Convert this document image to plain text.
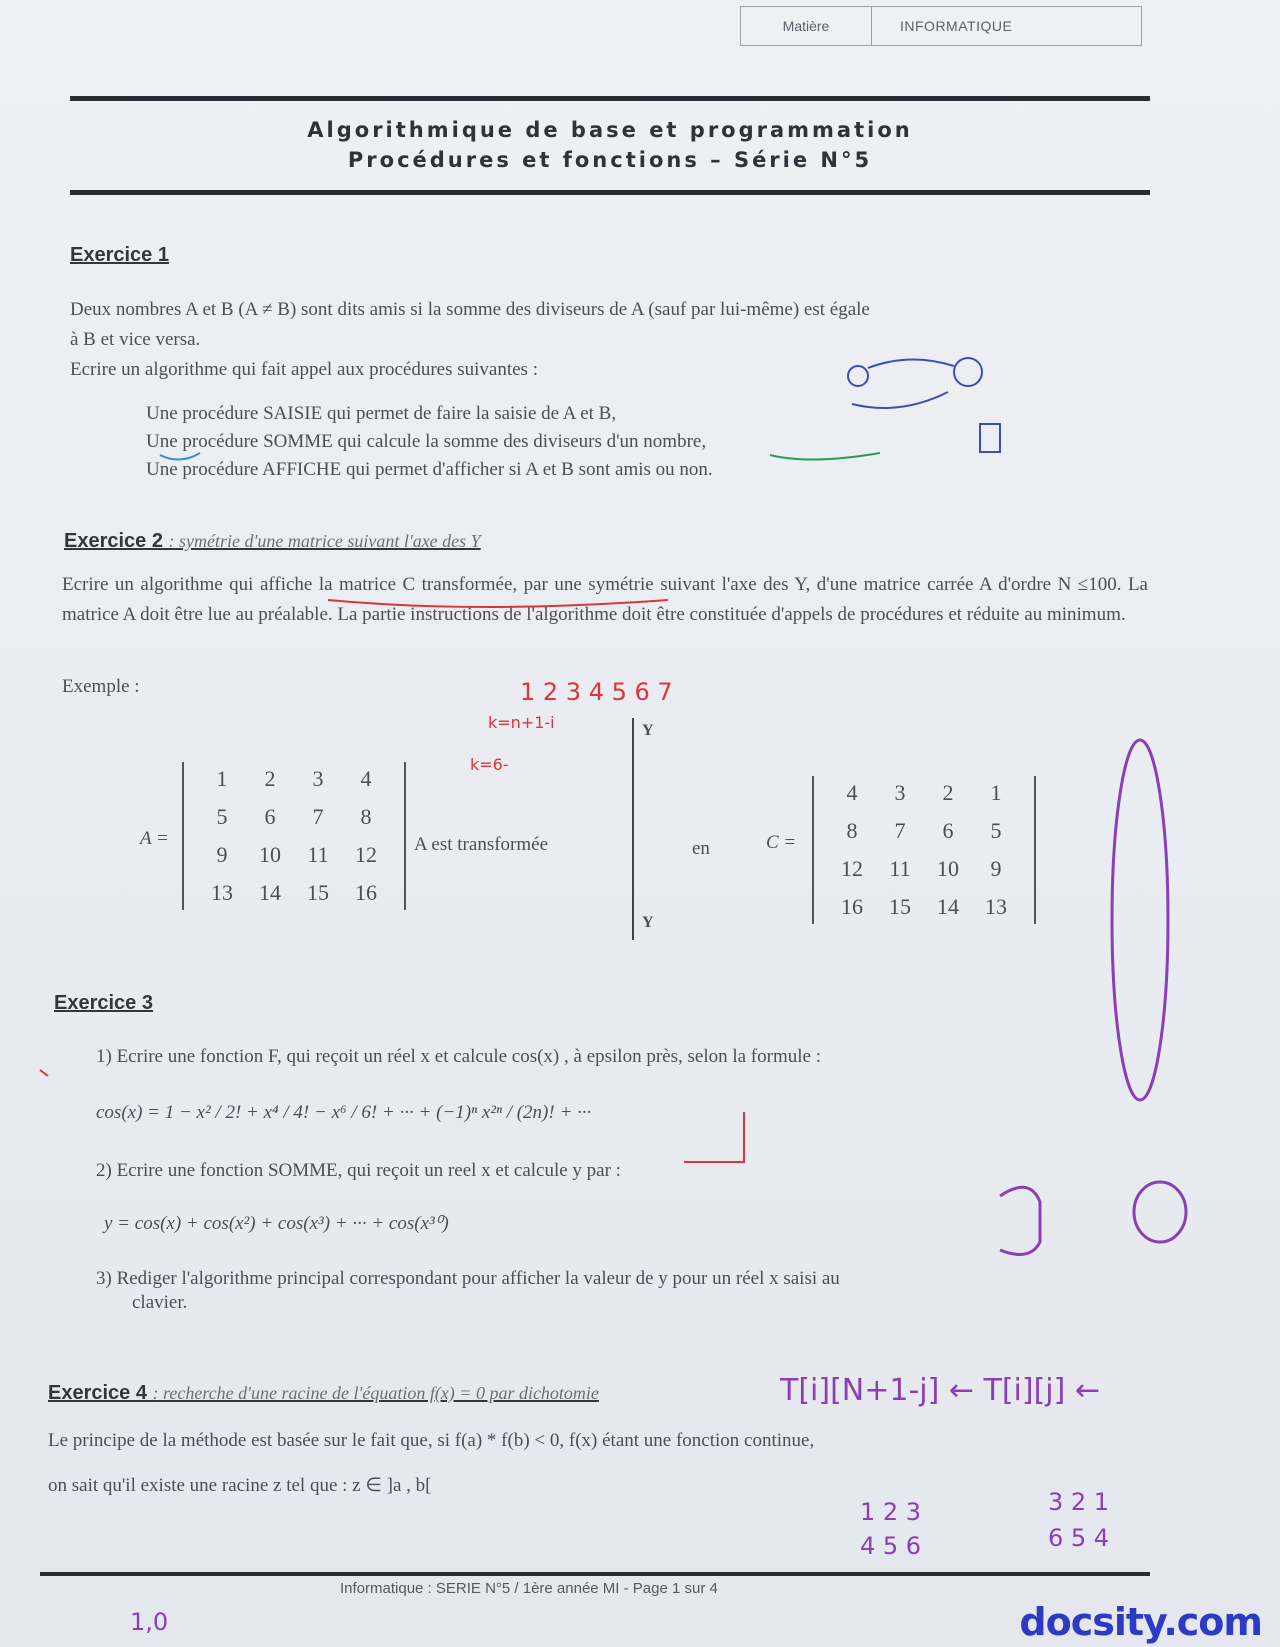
Matière	INFORMATIQUE
Algorithmique de base et programmation
Procédures et fonctions – Série N°5
Exercice 1
Deux nombres A et B (A ≠ B) sont dits amis si la somme des diviseurs de A (sauf par lui-même) est égale
à B et vice versa.
Ecrire un algorithme qui fait appel aux procédures suivantes :
Une procédure SAISIE qui permet de faire la saisie de A et B,
Une procédure SOMME qui calcule la somme des diviseurs d'un nombre,
Une procédure AFFICHE qui permet d'afficher si A et B sont amis ou non.
Exercice 2 : symétrie d'une matrice suivant l'axe des Y
Ecrire un algorithme qui affiche la matrice C transformée, par une symétrie suivant l'axe des Y, d'une matrice carrée A d'ordre N ≤100. La matrice A doit être lue au préalable. La partie instructions de l'algorithme doit être constituée d'appels de procédures et réduite au minimum.
Exemple :
A =
1	2	3	4
5	6	7	8
9	10	11	12
13	14	15	16
A est transformée
Y
Y
en	C =
4	3	2	1
8	7	6	5
12	11	10	9
16	15	14	13
Exercice 3
1) Ecrire une fonction F, qui reçoit un réel x et calcule cos(x) , à epsilon près, selon la formule :
cos(x) = 1 − x² / 2! + x⁴ / 4! − x⁶ / 6! + ··· + (−1)ⁿ x²ⁿ / (2n)! + ···
2) Ecrire une fonction SOMME, qui reçoit un reel x et calcule y par :
y = cos(x) + cos(x²) + cos(x³) + ··· + cos(x³⁰)
3) Rediger l'algorithme principal correspondant pour afficher la valeur de y pour un réel x saisi au
clavier.
Exercice 4 : recherche d'une racine de l'équation f(x) = 0 par dichotomie
Le principe de la méthode est basée sur le fait que, si f(a) * f(b) < 0, f(x) étant une fonction continue,
on sait qu'il existe une racine z tel que : z ∈ ]a , b[
Informatique : SERIE N°5 / 1ère année MI - Page 1 sur 4
1 2 3 4 5 6 7
k=n+1-i
k=6-
T[i][N+1-j] ← T[i][j] ←
1 2 3
4 5 6
3 2 1
6 5 4
1,0	docsity.com
